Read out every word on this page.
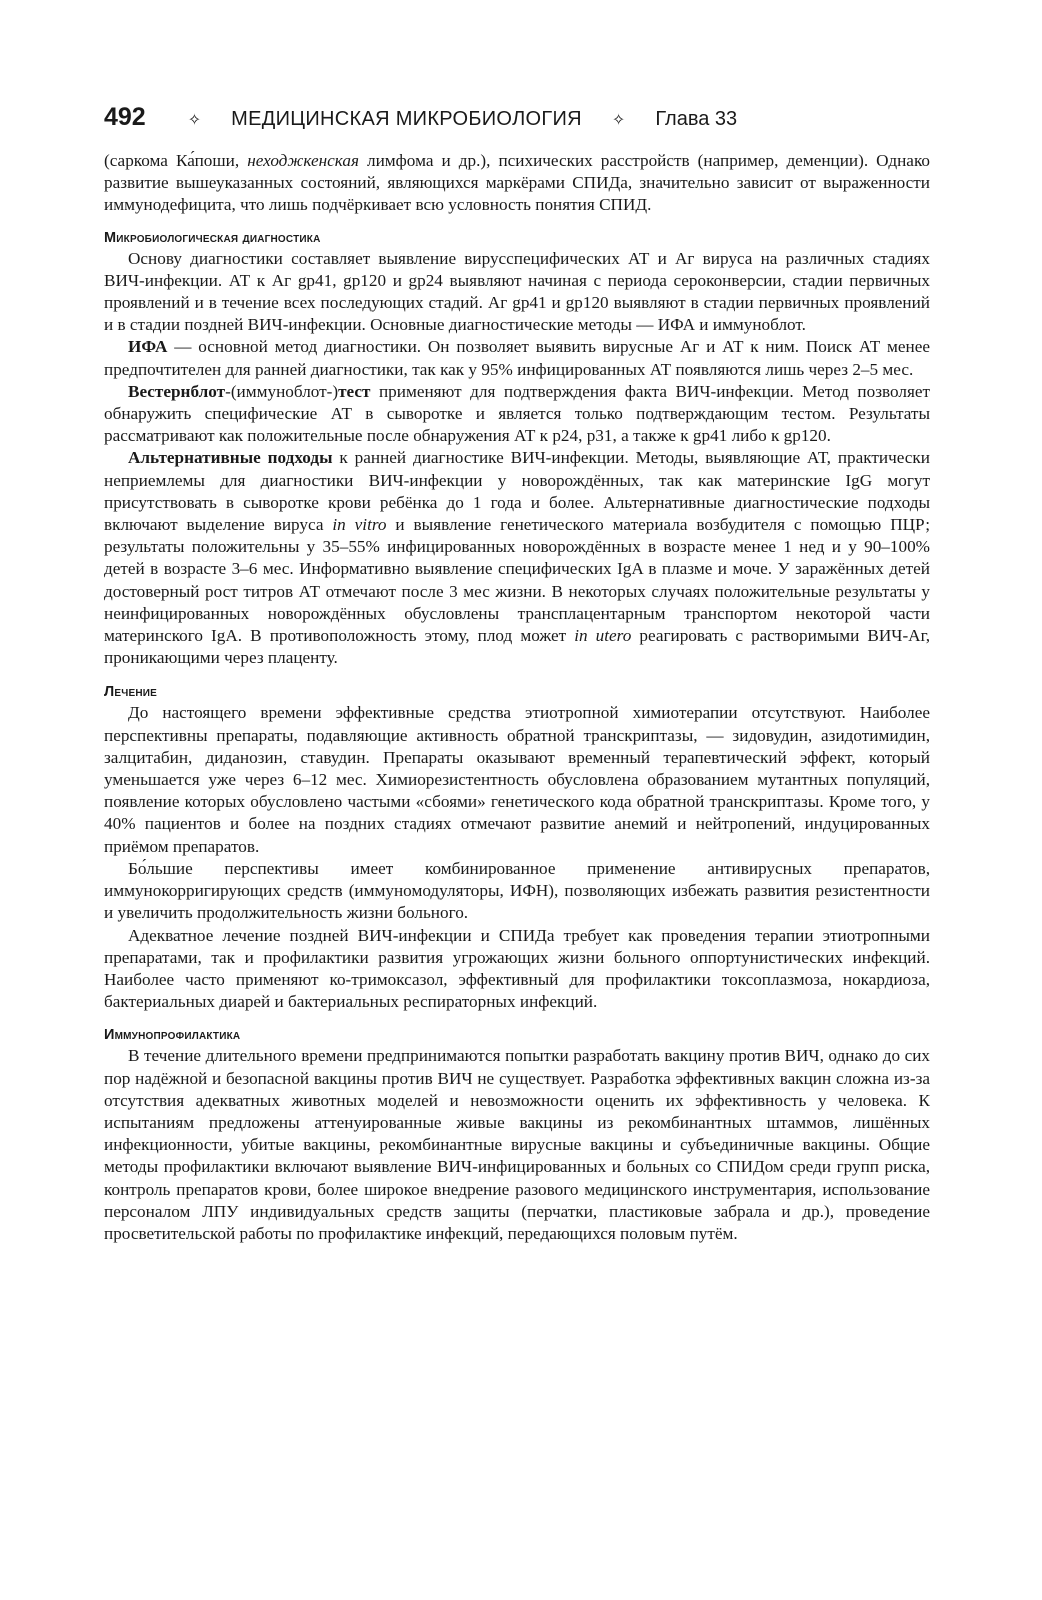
492	✧ МЕДИЦИНСКАЯ МИКРОБИОЛОГИЯ ✧ Глава 33

(саркома Ка́поши, неходжкенская лимфома и др.), психических расстройств (например, деменции). Однако развитие вышеуказанных состояний, являющихся маркёрами СПИДа, значительно зависит от выраженности иммунодефицита, что лишь подчёркивает всю условность понятия СПИД.

Микробиологическая диагностика

Основу диагностики составляет выявление вирусспецифических АТ и Аг вируса на различных стадиях ВИЧ-инфекции. АТ к Аг gp41, gp120 и gp24 выявляют начиная с периода сероконверсии, стадии первичных проявлений и в течение всех последующих стадий. Аг gp41 и gp120 выявляют в стадии первичных проявлений и в стадии поздней ВИЧ-инфекции. Основные диагностические методы — ИФА и иммуноблот.

ИФА — основной метод диагностики. Он позволяет выявить вирусные Аг и АТ к ним. Поиск АТ менее предпочтителен для ранней диагностики, так как у 95% инфицированных АТ появляются лишь через 2–5 мес.

Вестернблот-(иммуноблот-)тест применяют для подтверждения факта ВИЧ-инфекции. Метод позволяет обнаружить специфические АТ в сыворотке и является только подтверждающим тестом. Результаты рассматривают как положительные после обнаружения АТ к p24, p31, а также к gp41 либо к gp120.

Альтернативные подходы к ранней диагностике ВИЧ-инфекции. Методы, выявляющие АТ, практически неприемлемы для диагностики ВИЧ-инфекции у новорождённых, так как материнские IgG могут присутствовать в сыворотке крови ребёнка до 1 года и более. Альтернативные диагностические подходы включают выделение вируса in vitro и выявление генетического материала возбудителя с помощью ПЦР; результаты положительны у 35–55% инфицированных новорождённых в возрасте менее 1 нед и у 90–100% детей в возрасте 3–6 мес. Информативно выявление специфических IgA в плазме и моче. У заражённых детей достоверный рост титров АТ отмечают после 3 мес жизни. В некоторых случаях положительные результаты у неинфицированных новорождённых обусловлены трансплацентарным транспортом некоторой части материнского IgA. В противоположность этому, плод может in utero реагировать с растворимыми ВИЧ-Аг, проникающими через плаценту.

Лечение

До настоящего времени эффективные средства этиотропной химиотерапии отсутствуют. Наиболее перспективны препараты, подавляющие активность обратной транскриптазы, — зидовудин, азидотимидин, залцитабин, диданозин, ставудин. Препараты оказывают временный терапевтический эффект, который уменьшается уже через 6–12 мес. Химиорезистентность обусловлена образованием мутантных популяций, появление которых обусловлено частыми «сбоями» генетического кода обратной транскриптазы. Кроме того, у 40% пациентов и более на поздних стадиях отмечают развитие анемий и нейтропений, индуцированных приёмом препаратов.

Бо́льшие перспективы имеет комбинированное применение антивирусных препаратов, иммунокорригирующих средств (иммуномодуляторы, ИФН), позволяющих избежать развития резистентности и увеличить продолжительность жизни больного.

Адекватное лечение поздней ВИЧ-инфекции и СПИДа требует как проведения терапии этиотропными препаратами, так и профилактики развития угрожающих жизни больного оппортунистических инфекций. Наиболее часто применяют ко-тримоксазол, эффективный для профилактики токсоплазмоза, нокардиоза, бактериальных диарей и бактериальных респираторных инфекций.

Иммунопрофилактика

В течение длительного времени предпринимаются попытки разработать вакцину против ВИЧ, однако до сих пор надёжной и безопасной вакцины против ВИЧ не существует. Разработка эффективных вакцин сложна из-за отсутствия адекватных животных моделей и невозможности оценить их эффективность у человека. К испытаниям предложены аттенуированные живые вакцины из рекомбинантных штаммов, лишённых инфекционности, убитые вакцины, рекомбинантные вирусные вакцины и субъединичные вакцины. Общие методы профилактики включают выявление ВИЧ-инфицированных и больных со СПИДом среди групп риска, контроль препаратов крови, более широкое внедрение разового медицинского инструментария, использование персоналом ЛПУ индивидуальных средств защиты (перчатки, пластиковые забрала и др.), проведение просветительской работы по профилактике инфекций, передающихся половым путём.
